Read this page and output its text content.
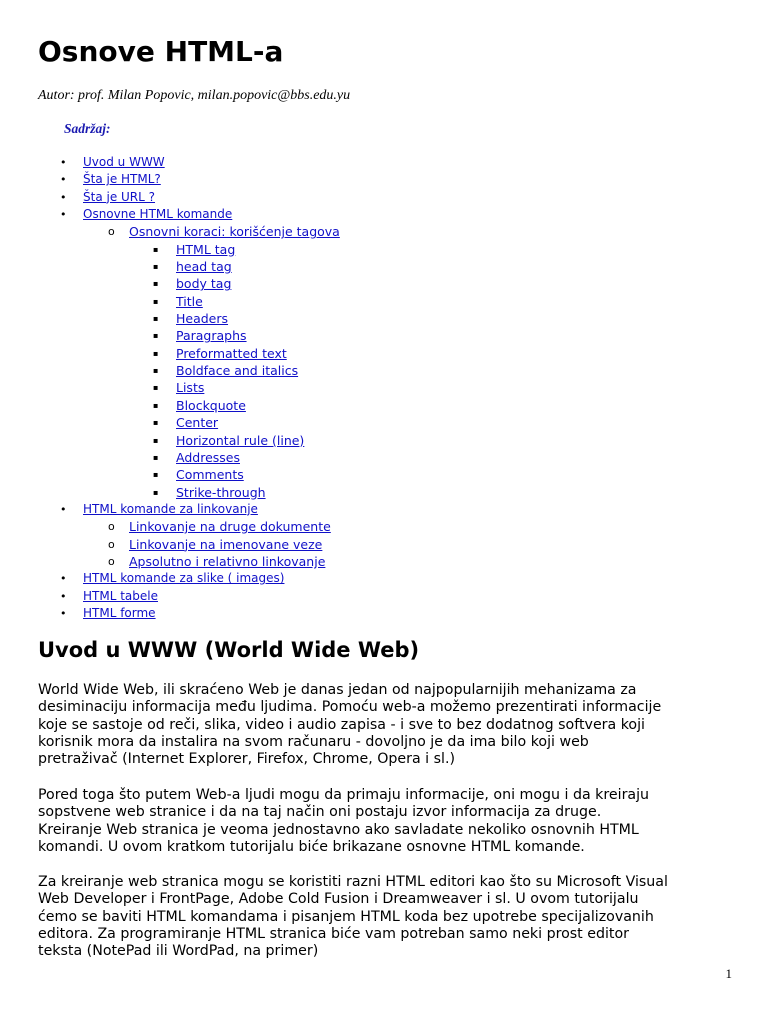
Osnove HTML-a

Autor: prof. Milan Popovic, milan.popovic@bbs.edu.yu

Sadržaj:

• Uvod u WWW
• Šta je HTML?
• Šta je URL ?
• Osnovne HTML komande
o Osnovni koraci: korišćenje tagova
▪ HTML tag
▪ head tag
▪ body tag
▪ Title
▪ Headers
▪ Paragraphs
▪ Preformatted text
▪ Boldface and italics
▪ Lists
▪ Blockquote
▪ Center
▪ Horizontal rule (line)
▪ Addresses
▪ Comments
▪ Strike-through
• HTML komande za linkovanje
o Linkovanje na druge dokumente
o Linkovanje na imenovane veze
o Apsolutno i relativno linkovanje
• HTML komande za slike ( images)
• HTML tabele
• HTML forme
Uvod u WWW (World Wide Web)

World Wide Web, ili skraćeno Web je danas jedan od najpopularnijih mehanizama za
desiminaciju informacija među ljudima. Pomoću web-a možemo prezentirati informacije
koje se sastoje od reči, slika, video i audio zapisa - i sve to bez dodatnog softvera koji
korisnik mora da instalira na svom računaru - dovoljno je da ima bilo koji web
pretraživač (Internet Explorer, Firefox, Chrome, Opera i sl.)

Pored toga što putem Web-a ljudi mogu da primaju informacije, oni mogu i da kreiraju
sopstvene web stranice i da na taj način oni postaju izvor informacija za druge.
Kreiranje Web stranica je veoma jednostavno ako savladate nekoliko osnovnih HTML
komandi. U ovom kratkom tutorijalu biće brikazane osnovne HTML komande.

Za kreiranje web stranica mogu se koristiti razni HTML editori kao što su Microsoft Visual
Web Developer i FrontPage, Adobe Cold Fusion i Dreamweaver i sl. U ovom tutorijalu
ćemo se baviti HTML komandama i pisanjem HTML koda bez upotrebe specijalizovanih
editora. Za programiranje HTML stranica biće vam potreban samo neki prost editor
teksta (NotePad ili WordPad, na primer)

1
